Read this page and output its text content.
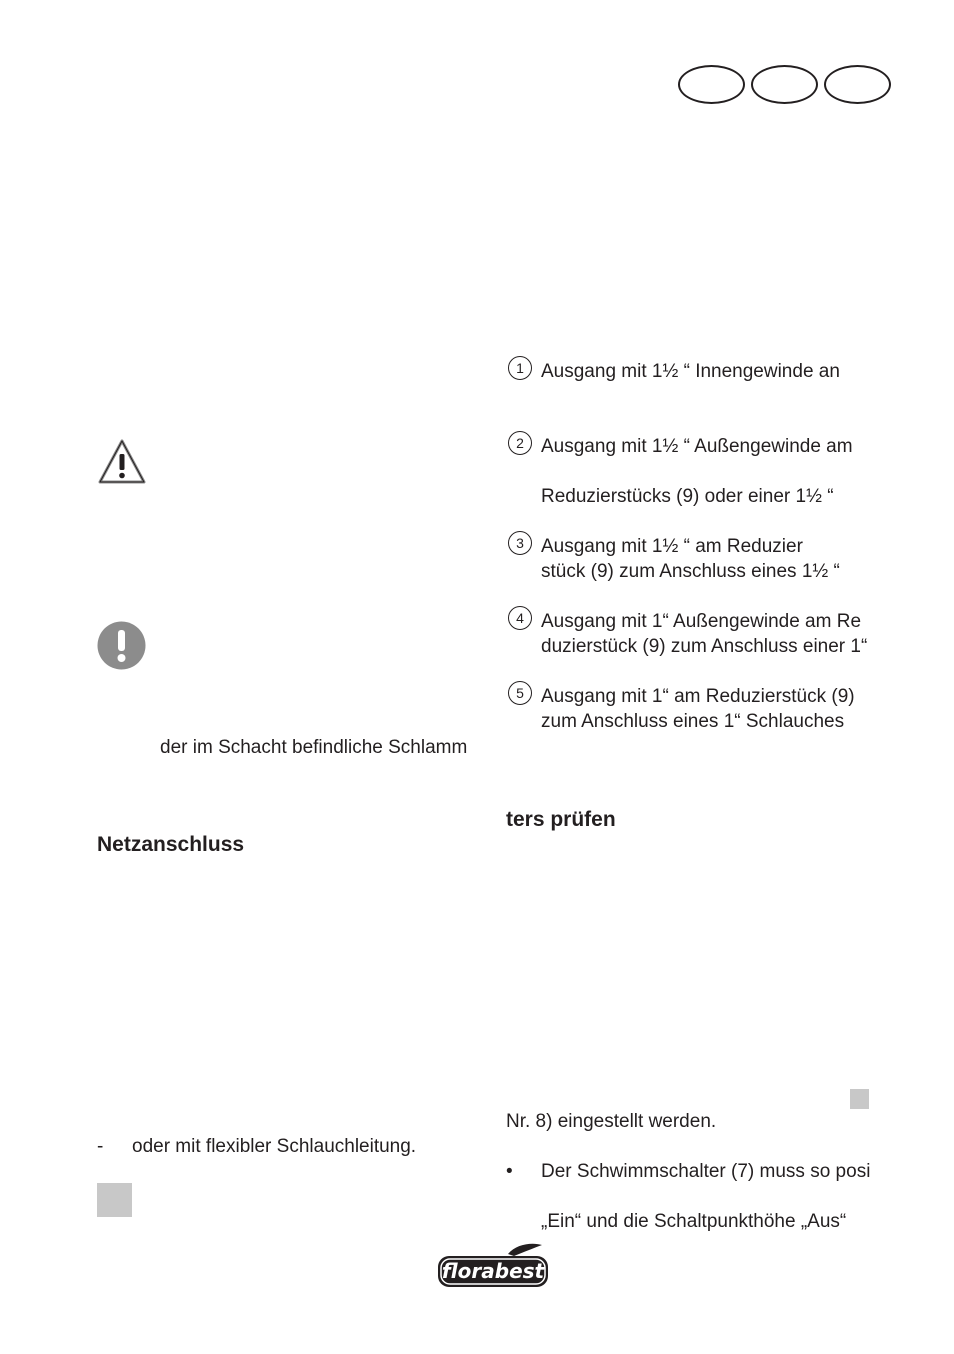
1 Ausgang mit 1½ “ Innengewinde an
2 Ausgang mit 1½ “ Außengewinde am
Reduzierstücks (9) oder einer 1½ “
3 Ausgang mit 1½ “ am Reduzier
stück (9) zum Anschluss eines 1½ “
4 Ausgang mit 1“ Außengewinde am Re
duzierstück (9) zum Anschluss einer 1“
5 Ausgang mit 1“ am Reduzierstück (9)
zum Anschluss eines 1“ Schlauches
der im Schacht befindliche Schlamm
Netzanschluss
- oder mit flexibler Schlauchleitung.
ters prüfen
Nr. 8) eingestellt werden.
• Der Schwimmschalter (7) muss so posi
„Ein“ und die Schaltpunkthöhe „Aus“
florabest
